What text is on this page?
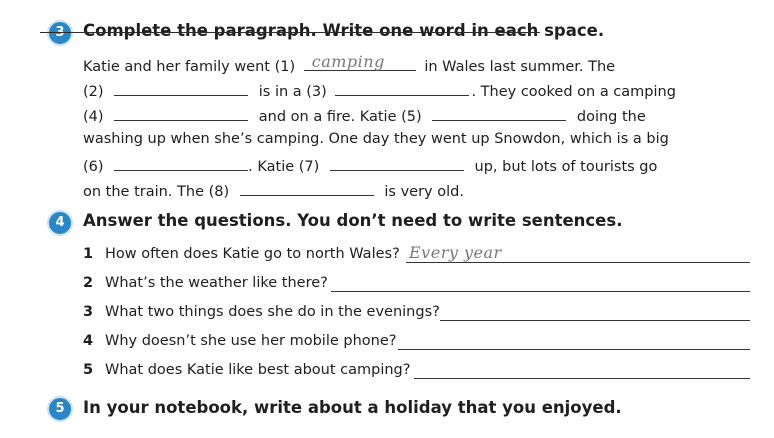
3	Complete the paragraph. Write one word in each space.
Katie and her family went (1) camping	in Wales last summer. The
(2)	is in a (3)	. They cooked on a camping
(4)	and on a fire. Katie (5)	doing the
washing up when she’s camping. One day they went up Snowdon, which is a big
(6)	. Katie (7)	up, but lots of tourists go
on the train. The (8)	is very old.
4	Answer the questions. You don’t need to write sentences.
1 How often does Katie go to north Wales? Every year
2 What’s the weather like there?
3 What two things does she do in the evenings?
4 Why doesn’t she use her mobile phone?
5 What does Katie like best about camping?
5	In your notebook, write about a holiday that you enjoyed.
